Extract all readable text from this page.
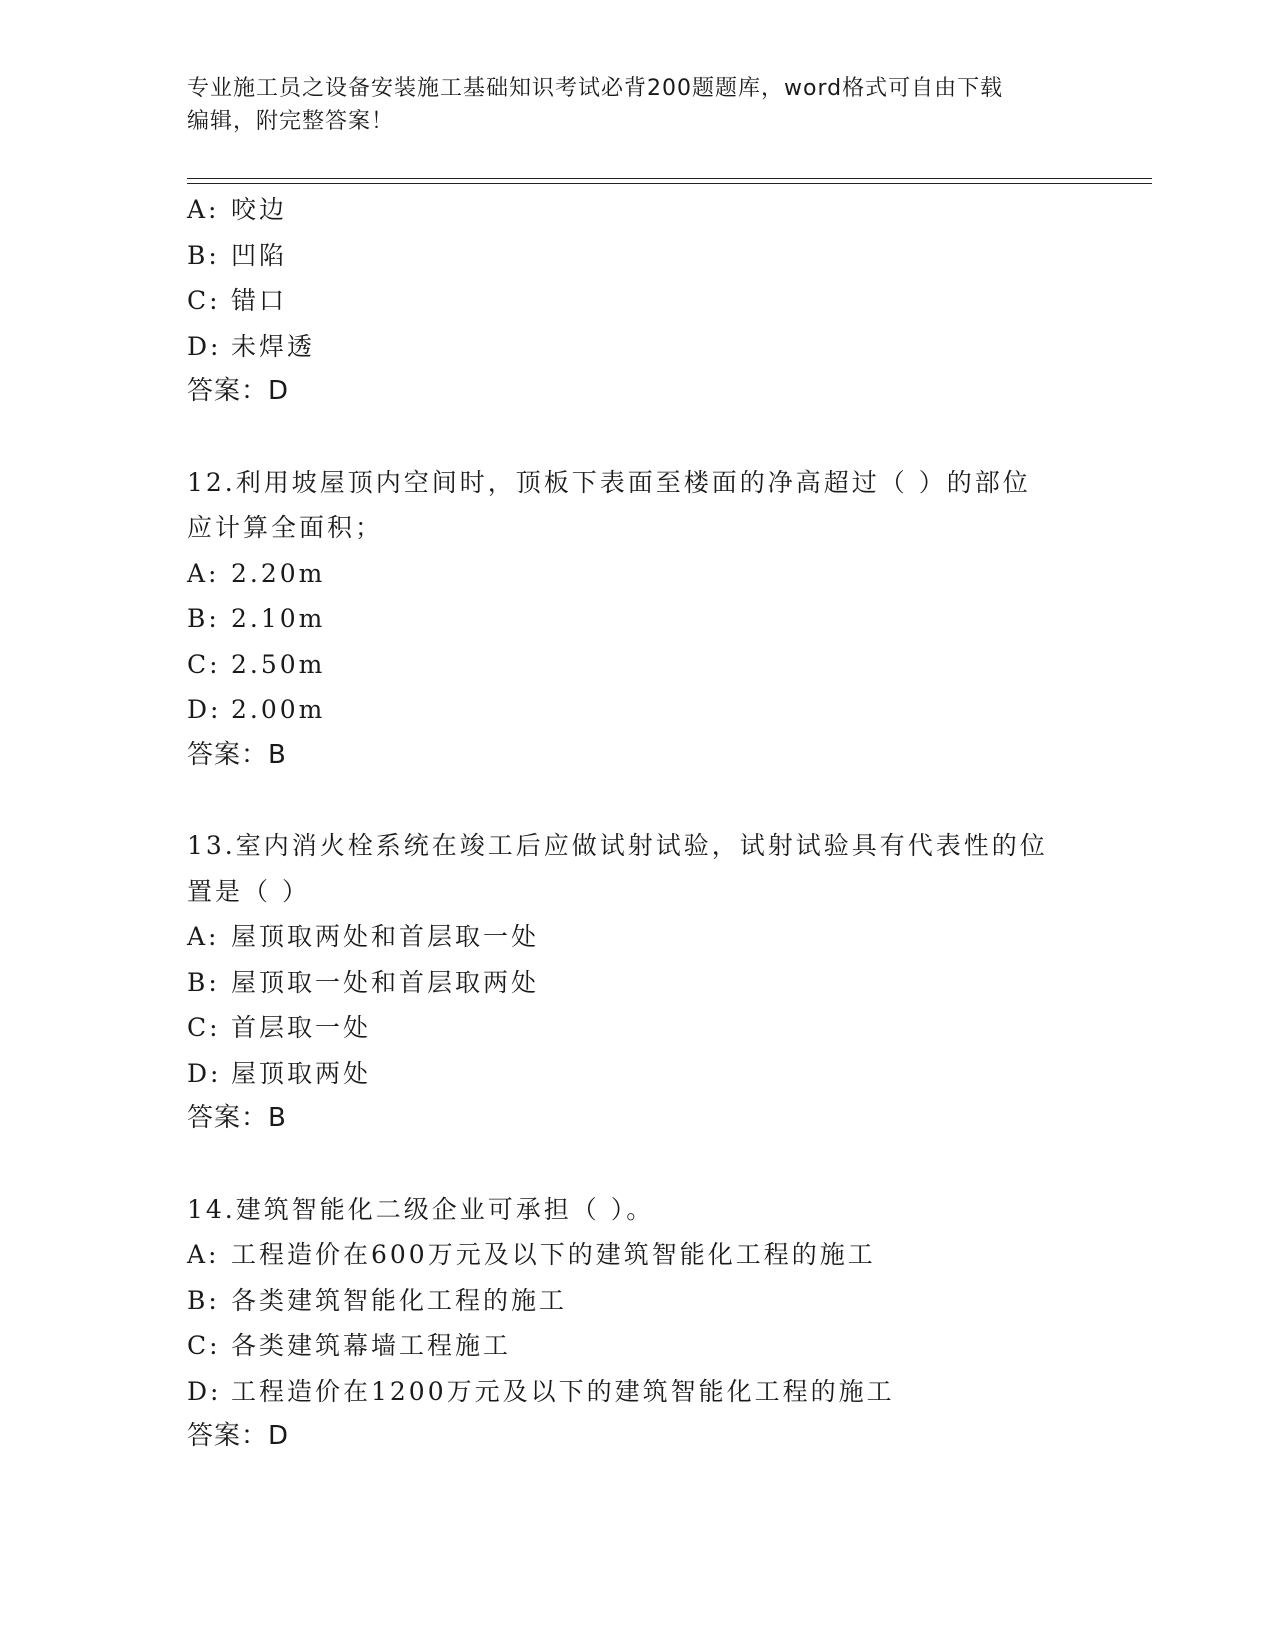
专业施工员之设备安装施工基础知识考试必背200题题库，word格式可自由下载
编辑，附完整答案！
A: 咬边
B: 凹陷
C: 错口
D: 未焊透
答案：D
12.利用坡屋顶内空间时，顶板下表面至楼面的净高超过（ ）的部位
应计算全面积；
A: 2.20m
B: 2.10m
C: 2.50m
D: 2.00m
答案：B
13.室内消火栓系统在竣工后应做试射试验，试射试验具有代表性的位
置是（ ）
A: 屋顶取两处和首层取一处
B: 屋顶取一处和首层取两处
C: 首层取一处
D: 屋顶取两处
答案：B
14.建筑智能化二级企业可承担（ ）。
A: 工程造价在600万元及以下的建筑智能化工程的施工
B: 各类建筑智能化工程的施工
C: 各类建筑幕墙工程施工
D: 工程造价在1200万元及以下的建筑智能化工程的施工
答案：D
